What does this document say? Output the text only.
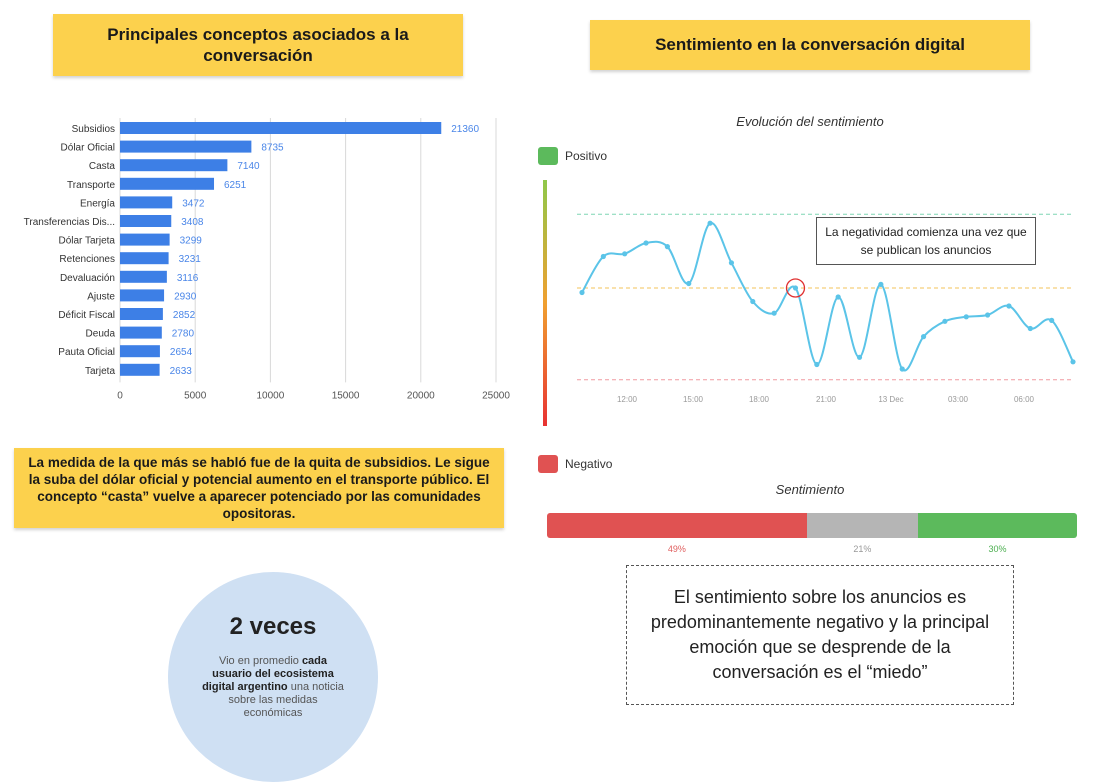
Principales conceptos asociados a la conversación
Sentimiento en la conversación digital
0	5000	10000	15000	20000	25000
Subsidios	21360
Dólar Oficial	8735
Casta	7140
Transporte	6251
Energía	3472
Transferencias Dis...	3408
Dólar Tarjeta	3299
Retenciones	3231
Devaluación	3116
Ajuste	2930
Déficit Fiscal	2852
Deuda	2780
Pauta Oficial	2654
Tarjeta	2633
La medida de la que más se habló fue de la quita de subsidios. Le sigue la suba del dólar oficial y potencial aumento en el transporte público. El concepto “casta” vuelve a aparecer potenciado por las comunidades opositoras.
2 veces
Vio en promedio cada usuario del ecosistema digital argentino una noticia sobre las medidas económicas
Evolución del sentimiento
Positivo
Negativo
12:00	15:00	18:00	21:00	13 Dec	03:00	06:00
La negatividad comienza una vez que se publican los anuncios
Sentimiento
49%	21%	30%
El sentimiento sobre los anuncios es predominantemente negativo y la principal emoción que se desprende de la conversación es el “miedo”
